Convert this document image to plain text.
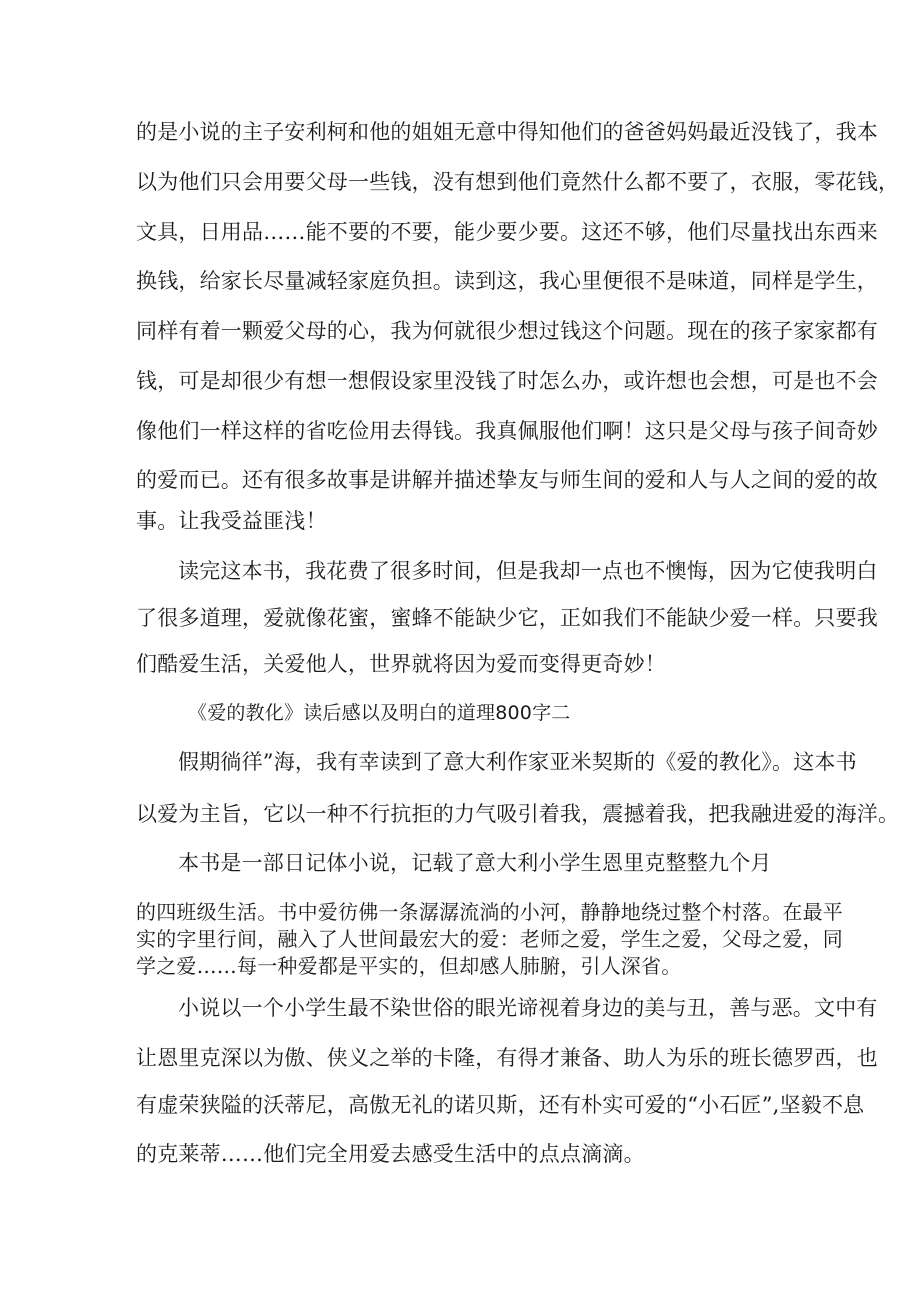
的是小说的主子安利柯和他的姐姐无意中得知他们的爸爸妈妈最近没钱了，我本

以为他们只会用要父母一些钱，没有想到他们竟然什么都不要了，衣服，零花钱，

文具，日用品……能不要的不要，能少要少要。这还不够，他们尽量找出东西来

换钱，给家长尽量减轻家庭负担。读到这，我心里便很不是味道，同样是学生，

同样有着一颗爱父母的心，我为何就很少想过钱这个问题。现在的孩子家家都有

钱，可是却很少有想一想假设家里没钱了时怎么办，或许想也会想，可是也不会

像他们一样这样的省吃俭用去得钱。我真佩服他们啊！这只是父母与孩子间奇妙

的爱而已。还有很多故事是讲解并描述挚友与师生间的爱和人与人之间的爱的故

事。让我受益匪浅！

读完这本书，我花费了很多时间，但是我却一点也不懊悔，因为它使我明白

了很多道理，爱就像花蜜，蜜蜂不能缺少它，正如我们不能缺少爱一样。只要我

们酷爱生活，关爱他人，世界就将因为爱而变得更奇妙！

《爱的教化》读后感以及明白的道理800字二

假期徜徉”海，我有幸读到了意大利作家亚米契斯的《爱的教化》。这本书

以爱为主旨，它以一种不行抗拒的力气吸引着我，震撼着我，把我融进爱的海洋。

本书是一部日记体小说，记载了意大利小学生恩里克整整九个月

的四班级生活。书中爱彷佛一条潺潺流淌的小河，静静地绕过整个村落。在最平

实的字里行间，融入了人世间最宏大的爱：老师之爱，学生之爱，父母之爱，同

学之爱……每一种爱都是平实的，但却感人肺腑，引人深省。

小说以一个小学生最不染世俗的眼光谛视着身边的美与丑，善与恶。文中有

让恩里克深以为傲、侠义之举的卡隆，有得才兼备、助人为乐的班长德罗西，也

有虚荣狭隘的沃蒂尼，高傲无礼的诺贝斯，还有朴实可爱的“小石匠”,坚毅不息

的克莱蒂……他们完全用爱去感受生活中的点点滴滴。
